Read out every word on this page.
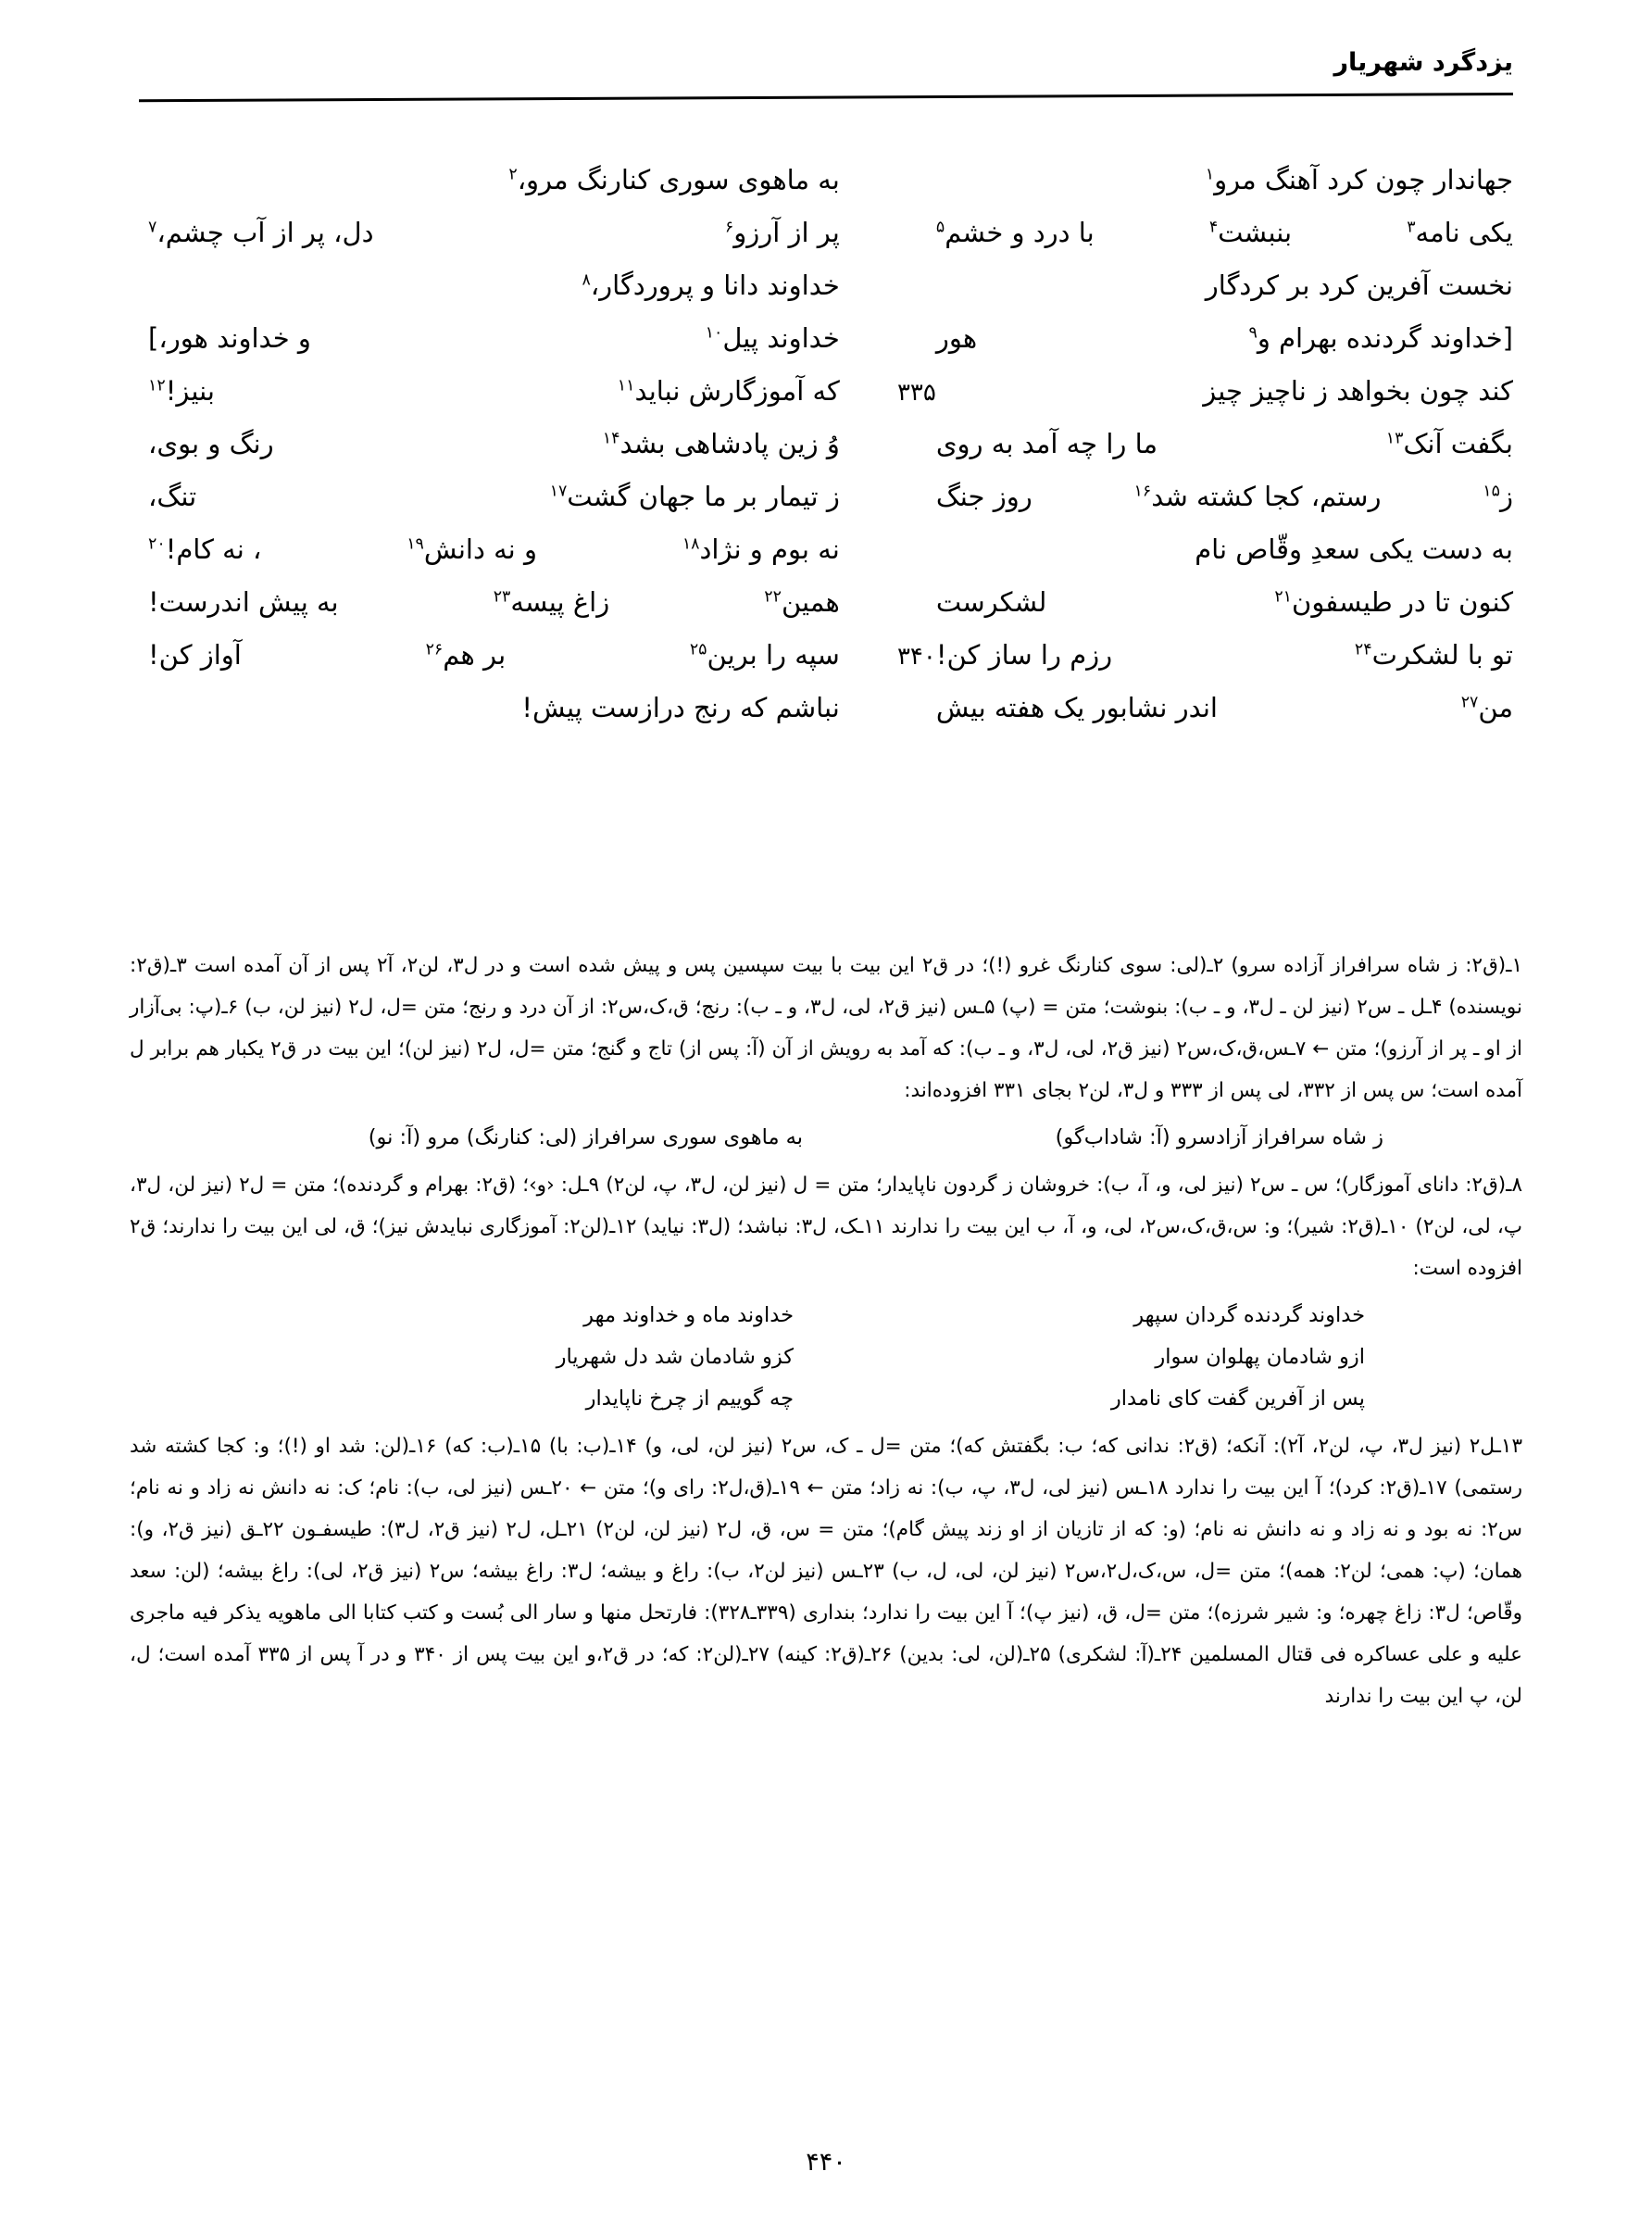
یزدگرد شهریار
جهاندار چون کرد آهنگ مرو$^۱$
به ماهوی سوری کنارنگ مرو،$^۲$
یکی نامه$^۳$
بنبشت$^۴$
با درد و خشم$^۵$
پر از آرزو$^۶$
دل، پر از آب چشم،$^۷$
نخست آفرین کرد بر کردگار
خداوند دانا و پروردگار،$^۸$
[خداوند گردنده بهرام و$^۹$
هور
خداوند پیل$^{۱۰}$
و خداوند هور،]
کند چون بخواهد ز ناچیز چیز
۳۳۵
که آموزگارش نباید$^{۱۱}$
بنیز!$^{۱۲}$
بگفت آنک$^{۱۳}$
ما را چه آمد به روی
وُ زین پادشاهی بشد$^{۱۴}$
رنگ و بوی،
ز$^{۱۵}$
رستم، کجا کشته شد$^{۱۶}$
روز جنگ
ز تیمار بر ما جهان گشت$^{۱۷}$
تنگ،
به دست یکی سعدِ وقّاص نام
نه بوم و نژاد$^{۱۸}$
و نه دانش$^{۱۹}$
، نه کام!$^{۲۰}$
کنون تا در طیسفون$^{۲۱}$
لشکرست
همین$^{۲۲}$
زاغ پیسه$^{۲۳}$
به پیش اندرست!
تو با لشکرت$^{۲۴}$
رزم را ساز کن!
۳۴۰
سپه را برین$^{۲۵}$
بر هم$^{۲۶}$
آواز کن!
من$^{۲۷}$
اندر نشابور یک هفته بیش
نباشم که رنج درازست پیش!
۱ـ(ق۲: ز شاه سرافراز آزاده سرو) ۲ـ(لی: سوی کنارنگ غرو (!)؛ در ق۲ این بیت با بیت سپسین پس و پیش شده است و در ل۳، لن۲، آ۲ پس از آن آمده است ۳ـ(ق۲: نویسنده) ۴ـل ـ س۲ (نیز لن ـ ل۳، و ـ ب): بنوشت؛ متن = (پ) ۵ـس (نیز ق۲، لی، ل۳، و ـ ب): رنج؛ ق،ک،س۲: از آن درد و رنج؛ متن =ل، ل۲ (نیز لن، ب) ۶ـ(پ: بی‌آزار از او ـ پر از آرزو)؛ متن ← ۷ـس،ق،ک،س۲ (نیز ق۲، لی، ل۳، و ـ ب): که آمد به رویش از آن (آ: پس از) تاج و گنج؛ متن =ل، ل۲ (نیز لن)؛ این بیت در ق۲ یکبار هم برابر ل آمده است؛ س پس از ۳۳۲، لی پس از ۳۳۳ و ل۳، لن۲ بجای ۳۳۱ افزوده‌اند:
ز شاه سرافراز آزادسرو (آ: شاداب‌گو)
به ماهوی سوری سرافراز (لی: کنارنگ) مرو (آ: نو)
۸ـ(ق۲: دانای آموزگار)؛ س ـ س۲ (نیز لی، و، آ، ب): خروشان ز گردون ناپایدار؛ متن = ل (نیز لن، ل۳، پ، لن۲) ۹ـل: ‹و›؛ (ق۲: بهرام و گردنده)؛ متن = ل۲ (نیز لن، ل۳، پ، لی، لن۲) ۱۰ـ(ق۲: شیر)؛ و: س،ق،ک،س۲، لی، و، آ، ب این بیت را ندارند ۱۱ـک، ل۳: نباشد؛ (ل۳: نیاید) ۱۲ـ(لن۲: آموزگاری نبایدش نیز)؛ ق، لی این بیت را ندارند؛ ق۲ افزوده است:
خداوند گردنده گردان سپهر
خداوند ماه و خداوند مهر
ازو شادمان پهلوان سوار
کزو شادمان شد دل شهریار
پس از آفرین گفت کای نامدار
چه گوییم از چرخ ناپایدار
۱۳ـل۲ (نیز ل۳، پ، لن۲، آ۲): آنکه؛ (ق۲: ندانی که؛ ب: بگفتش که)؛ متن =ل ـ ک، س۲ (نیز لن، لی، و) ۱۴ـ(ب: با) ۱۵ـ(ب: که) ۱۶ـ(لن: شد او (!)؛ و: کجا کشته شد رستمی) ۱۷ـ(ق۲: کرد)؛ آ این بیت را ندارد ۱۸ـس (نیز لی، ل۳، پ، ب): نه زاد؛ متن ← ۱۹ـ(ق،ل۲: رای و)؛ متن ← ۲۰ـس (نیز لی، ب): نام؛ ک: نه دانش نه زاد و نه نام؛ س۲: نه بود و نه زاد و نه دانش نه نام؛ (و: که از تازیان از او زند پیش گام)؛ متن = س، ق، ل۲ (نیز لن، لن۲) ۲۱ـل، ل۲ (نیز ق۲، ل۳): طیسفـون ۲۲ـق (نیز ق۲، و): همان؛ (پ: همی؛ لن۲: همه)؛ متن =ل، س،ک،ل۲،س۲ (نیز لن، لی، ل، ب) ۲۳ـس (نیز لن۲، ب): راغ و بیشه؛ ل۳: راغ بیشه؛ س۲ (نیز ق۲، لی): راغ بیشه؛ (لن: سعد وقّاص؛ ل۳: زاغ چهره؛ و: شیر شرزه)؛ متن =ل، ق، (نیز پ)؛ آ این بیت را ندارد؛ بنداری (۳۳۹ـ۳۲۸): فارتحل منها و سار الی بُست و کتب کتابا الی ماهویه یذکر فیه ماجری علیه و علی عساکره فی قتال المسلمین ۲۴ـ(آ: لشکری) ۲۵ـ(لن، لی: بدین) ۲۶ـ(ق۲: کینه) ۲۷ـ(لن۲: که؛ در ق۲،و این بیت پس از ۳۴۰ و در آ پس از ۳۳۵ آمده است؛ ل، لن، پ این بیت را ندارند
۴۴۰
